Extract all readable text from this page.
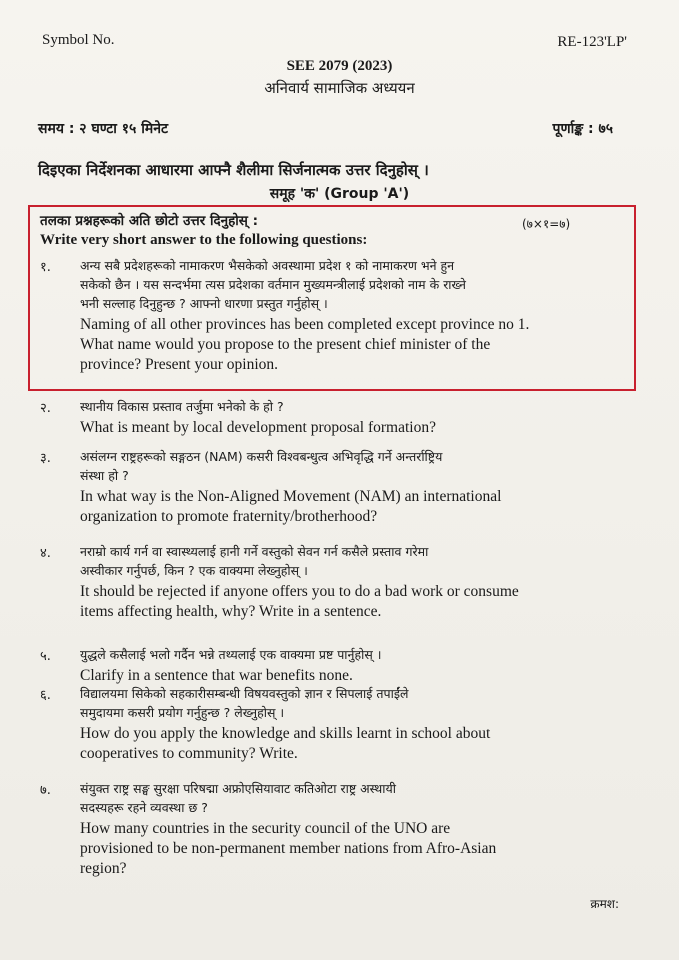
Symbol No.	RE-123'LP'
SEE 2079 (2023)
अनिवार्य सामाजिक अध्ययन
समय : २ घण्टा १५ मिनेट	पूर्णाङ्क : ७५
दिइएका निर्देशनका आधारमा आफ्नै शैलीमा सिर्जनात्मक उत्तर दिनुहोस् ।
समूह 'क' (Group 'A')
तलका प्रश्नहरूको अति छोटो उत्तर दिनुहोस् :	(७×१=७)
Write very short answer to the following questions:
१. अन्य सबै प्रदेशहरूको नामाकरण भैसकेको अवस्थामा प्रदेश १ को नामाकरण भने हुन
सकेको छैन । यस सन्दर्भमा त्यस प्रदेशका वर्तमान मुख्यमन्त्रीलाई प्रदेशको नाम के राख्ने
भनी सल्लाह दिनुहुन्छ ? आफ्नो धारणा प्रस्तुत गर्नुहोस् ।
Naming of all other provinces has been completed except province no 1.
What name would you propose to the present chief minister of the
province? Present your opinion.
२. स्थानीय विकास प्रस्ताव तर्जुमा भनेको के हो ?
What is meant by local development proposal formation?
३. असंलग्न राष्ट्रहरूको सङ्गठन (NAM) कसरी विश्वबन्धुत्व अभिवृद्धि गर्ने अन्तर्राष्ट्रिय
संस्था हो ?
In what way is the Non-Aligned Movement (NAM) an international
organization to promote fraternity/brotherhood?
४. नराम्रो कार्य गर्न वा स्वास्थ्यलाई हानी गर्ने वस्तुको सेवन गर्न कसैले प्रस्ताव गरेमा
अस्वीकार गर्नुपर्छ, किन ? एक वाक्यमा लेख्नुहोस् ।
It should be rejected if anyone offers you to do a bad work or consume
items affecting health, why? Write in a sentence.
५. युद्धले कसैलाई भलो गर्दैन भन्ने तथ्यलाई एक वाक्यमा प्रष्ट पार्नुहोस् ।
Clarify in a sentence that war benefits none.
६. विद्यालयमा सिकेको सहकारीसम्बन्धी विषयवस्तुको ज्ञान र सिपलाई तपाईंले
समुदायमा कसरी प्रयोग गर्नुहुन्छ ? लेख्नुहोस् ।
How do you apply the knowledge and skills learnt in school about
cooperatives to community? Write.
७. संयुक्त राष्ट्र सङ्घ सुरक्षा परिषद्मा अफ्रोएसियावाट कतिओटा राष्ट्र अस्थायी
सदस्यहरू रहने व्यवस्था छ ?
How many countries in the security council of the UNO are
provisioned to be non-permanent member nations from Afro-Asian
region?
क्रमश:
